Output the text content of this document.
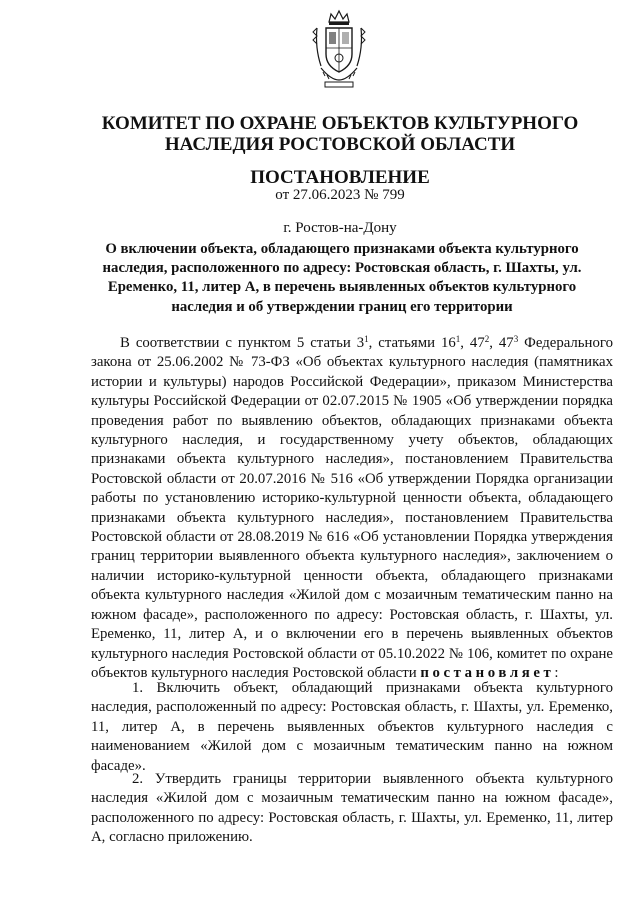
КОМИТЕТ ПО ОХРАНЕ ОБЪЕКТОВ КУЛЬТУРНОГО
НАСЛЕДИЯ РОСТОВСКОЙ ОБЛАСТИ
ПОСТАНОВЛЕНИЕ
от 27.06.2023 № 799
г. Ростов-на-Дону
О включении объекта, обладающего признаками объекта культурного наследия, расположенного по адресу: Ростовская область, г. Шахты, ул. Еременко, 11, литер А, в перечень выявленных объектов культурного наследия и об утверждении границ его территории
В соответствии с пунктом 5 статьи $3^1$, статьями $16^1$, $47^2$, $47^3$ Федерального закона от 25.06.2002 № 73-ФЗ «Об объектах культурного наследия (памятниках истории и культуры) народов Российской Федерации», приказом Министерства культуры Российской Федерации от 02.07.2015 № 1905 «Об утверждении порядка проведения работ по выявлению объектов, обладающих признаками объекта культурного наследия, и государственному учету объектов, обладающих признаками объекта культурного наследия», постановлением Правительства Ростовской области от 20.07.2016 № 516 «Об утверждении Порядка организации работы по установлению историко-культурной ценности объекта, обладающего признаками объекта культурного наследия», постановлением Правительства Ростовской области от 28.08.2019 № 616 «Об установлении Порядка утверждения границ территории выявленного объекта культурного наследия», заключением о наличии историко-культурной ценности объекта, обладающего признаками объекта культурного наследия «Жилой дом с мозаичным тематическим панно на южном фасаде», расположенного по адресу: Ростовская область, г. Шахты, ул. Еременко, 11, литер А, и о включении его в перечень выявленных объектов культурного наследия Ростовской области от 05.10.2022 № 106, комитет по охране объектов культурного наследия Ростовской области постановляет:
1. Включить объект, обладающий признаками объекта культурного наследия, расположенный по адресу: Ростовская область, г. Шахты, ул. Еременко, 11, литер А, в перечень выявленных объектов культурного наследия с наименованием «Жилой дом с мозаичным тематическим панно на южном фасаде».
2. Утвердить границы территории выявленного объекта культурного наследия «Жилой дом с мозаичным тематическим панно на южном фасаде», расположенного по адресу: Ростовская область, г. Шахты, ул. Еременко, 11, литер А, согласно приложению.
